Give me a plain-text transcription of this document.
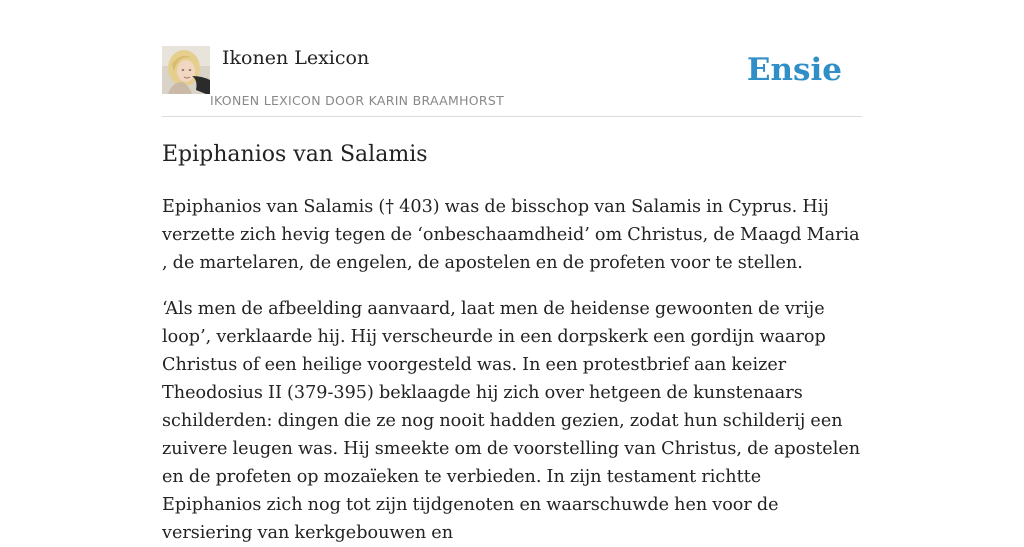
Ikonen Lexicon
IKONEN LEXICON DOOR KARIN BRAAMHORST
Ensie
Epiphanios van Salamis

Epiphanios van Salamis († 403) was de bisschop van Salamis in Cyprus. Hij verzette zich hevig tegen de ‘onbeschaamdheid’ om Christus, de Maagd Maria , de martelaren, de engelen, de apostelen en de profeten voor te stellen.

‘Als men de afbeelding aanvaard, laat men de heidense gewoonten de vrije loop’, verklaarde hij. Hij verscheurde in een dorpskerk een gordijn waarop Christus of een heilige voorgesteld was. In een protestbrief aan keizer Theodosius II (379-395) beklaagde hij zich over hetgeen de kunstenaars schilderden: dingen die ze nog nooit hadden gezien, zodat hun schilderij een zuivere leugen was. Hij smeekte om de voorstelling van Christus, de apostelen en de profeten op mozaïeken te verbieden. In zijn testament richtte Epiphanios zich nog tot zijn tijdgenoten en waarschuwde hen voor de versiering van kerkgebouwen en
